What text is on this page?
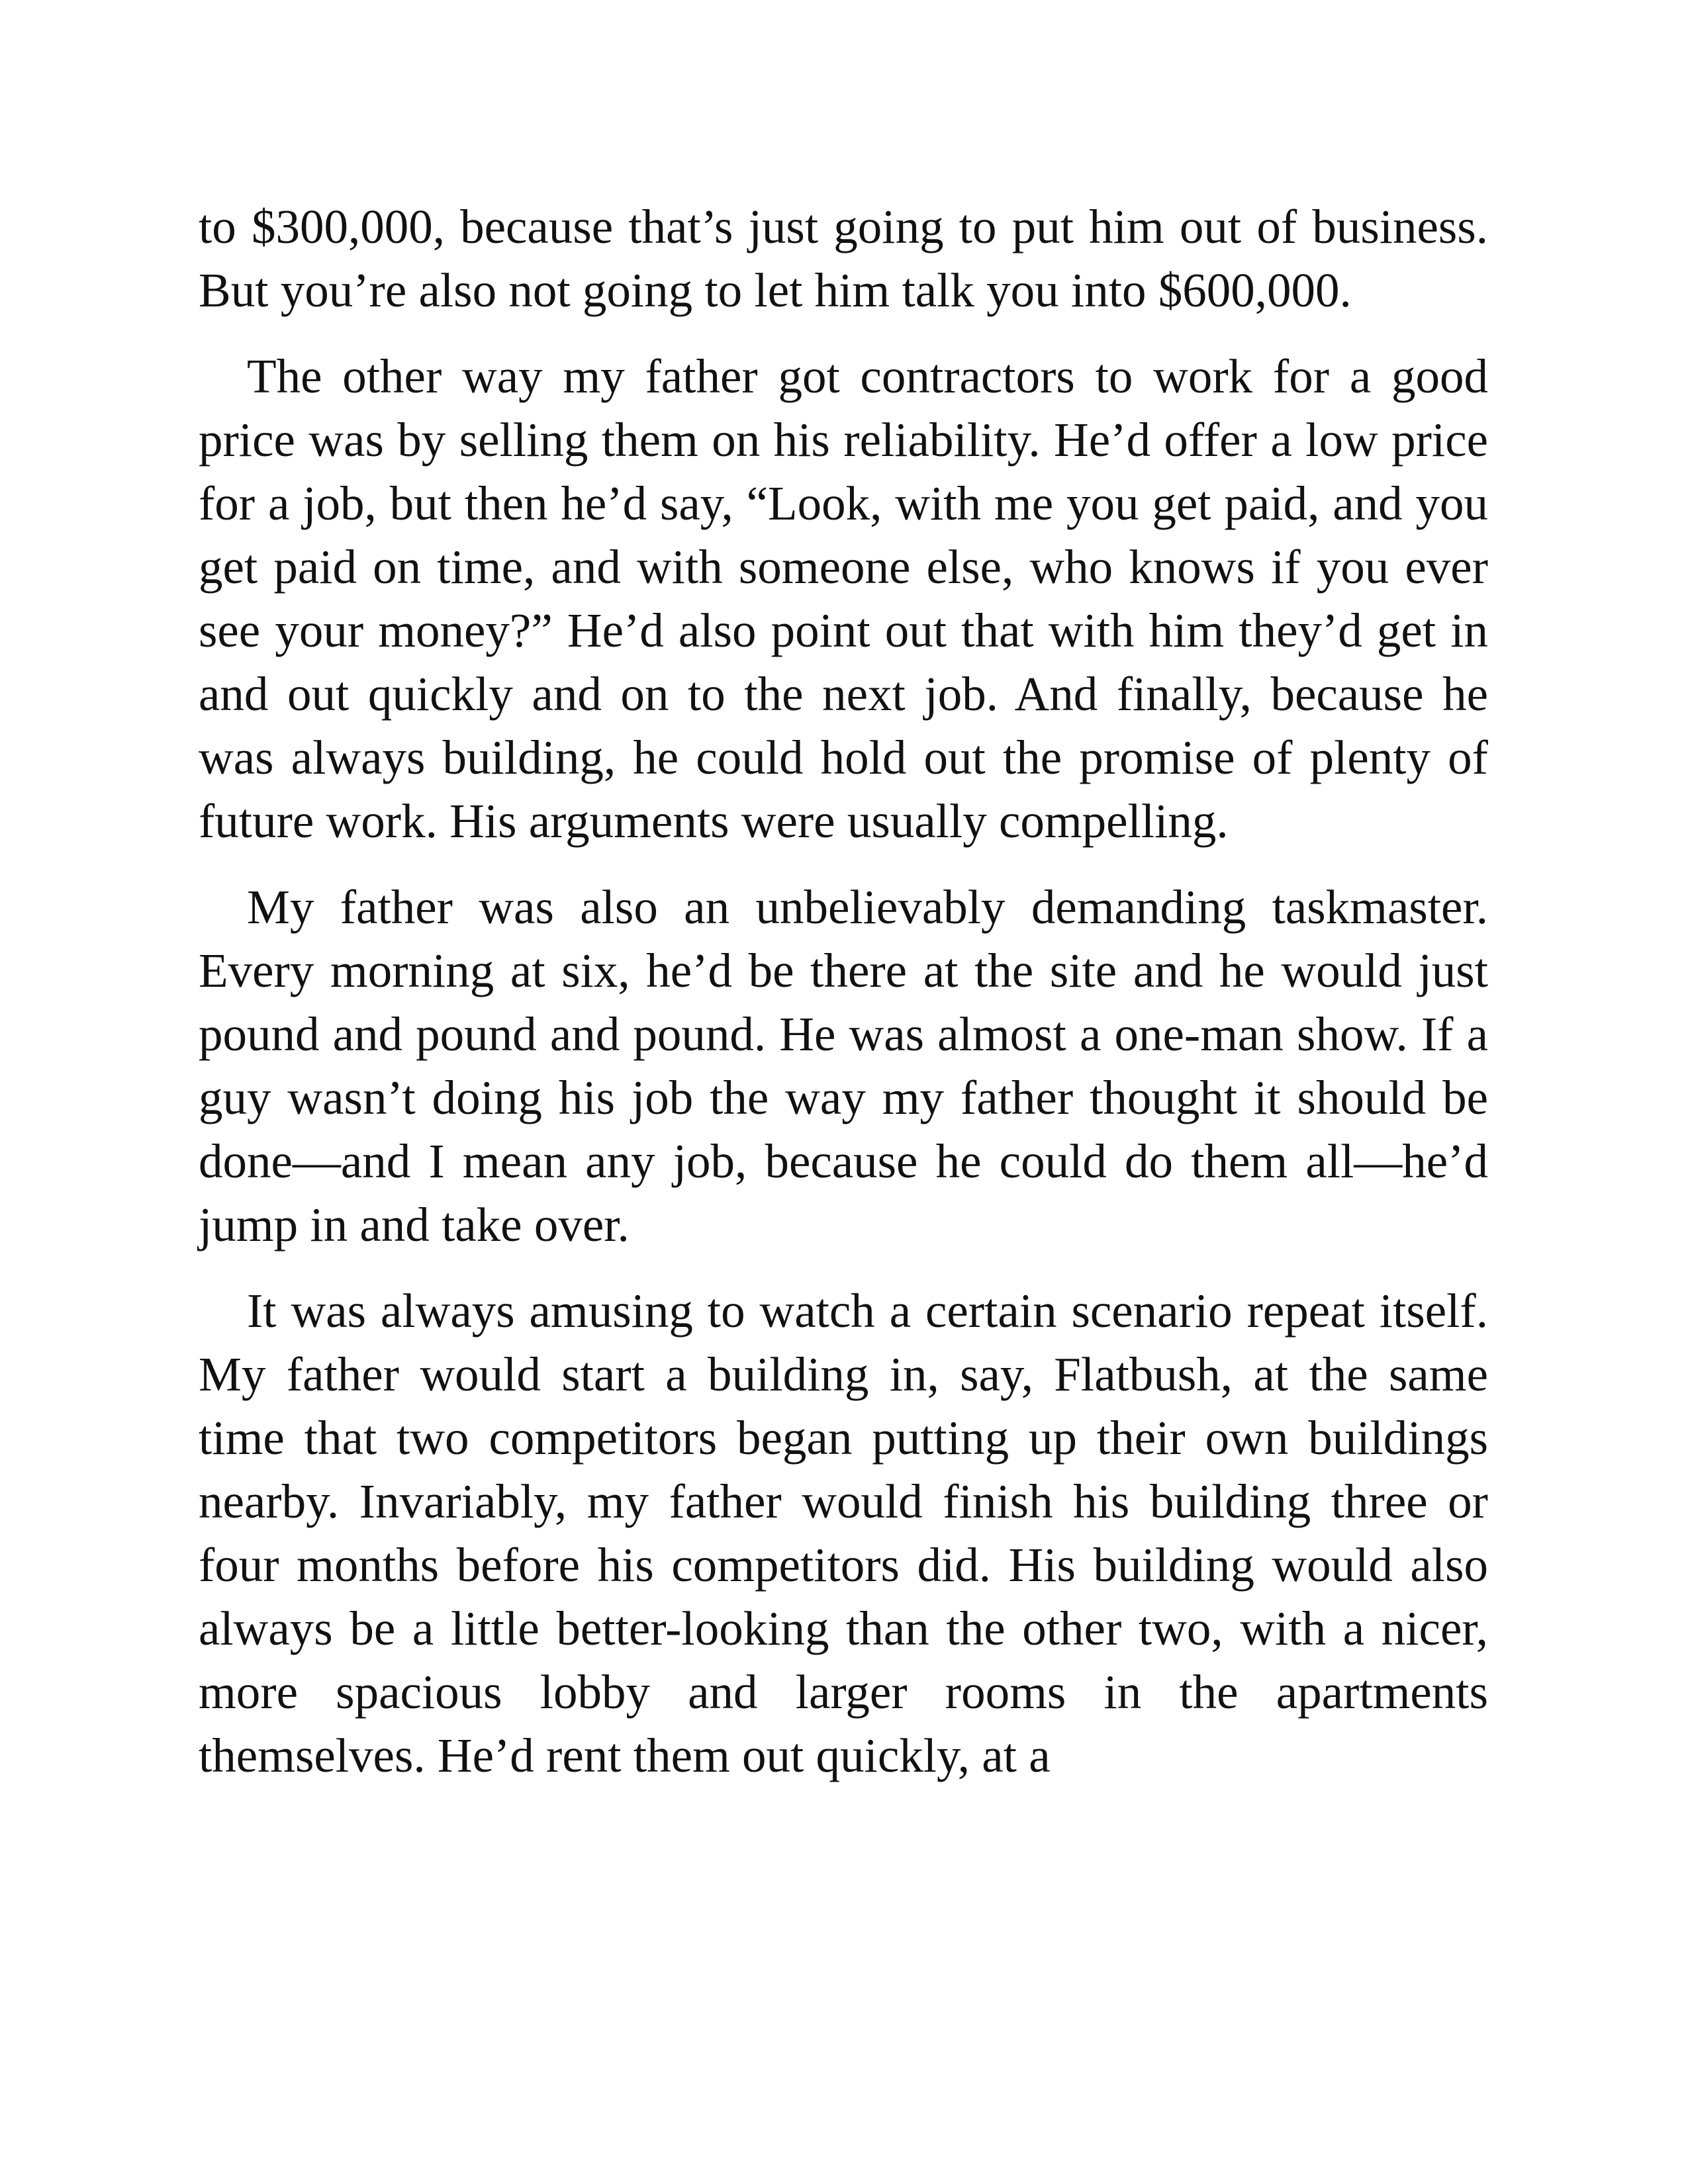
to $300,000, because that’s just going to put him out of business. But you’re also not going to let him talk you into $600,000.

The other way my father got contractors to work for a good price was by selling them on his reliability. He’d offer a low price for a job, but then he’d say, “Look, with me you get paid, and you get paid on time, and with someone else, who knows if you ever see your money?” He’d also point out that with him they’d get in and out quickly and on to the next job. And finally, because he was always building, he could hold out the promise of plenty of future work. His arguments were usually compelling.

My father was also an unbelievably demanding taskmaster. Every morning at six, he’d be there at the site and he would just pound and pound and pound. He was almost a one-man show. If a guy wasn’t doing his job the way my father thought it should be done—and I mean any job, because he could do them all—he’d jump in and take over.

It was always amusing to watch a certain scenario repeat itself. My father would start a building in, say, Flatbush, at the same time that two competitors began putting up their own buildings nearby. Invariably, my father would finish his building three or four months before his competitors did. His building would also always be a little better-looking than the other two, with a nicer, more spacious lobby and larger rooms in the apartments themselves. He’d rent them out quickly, at a
